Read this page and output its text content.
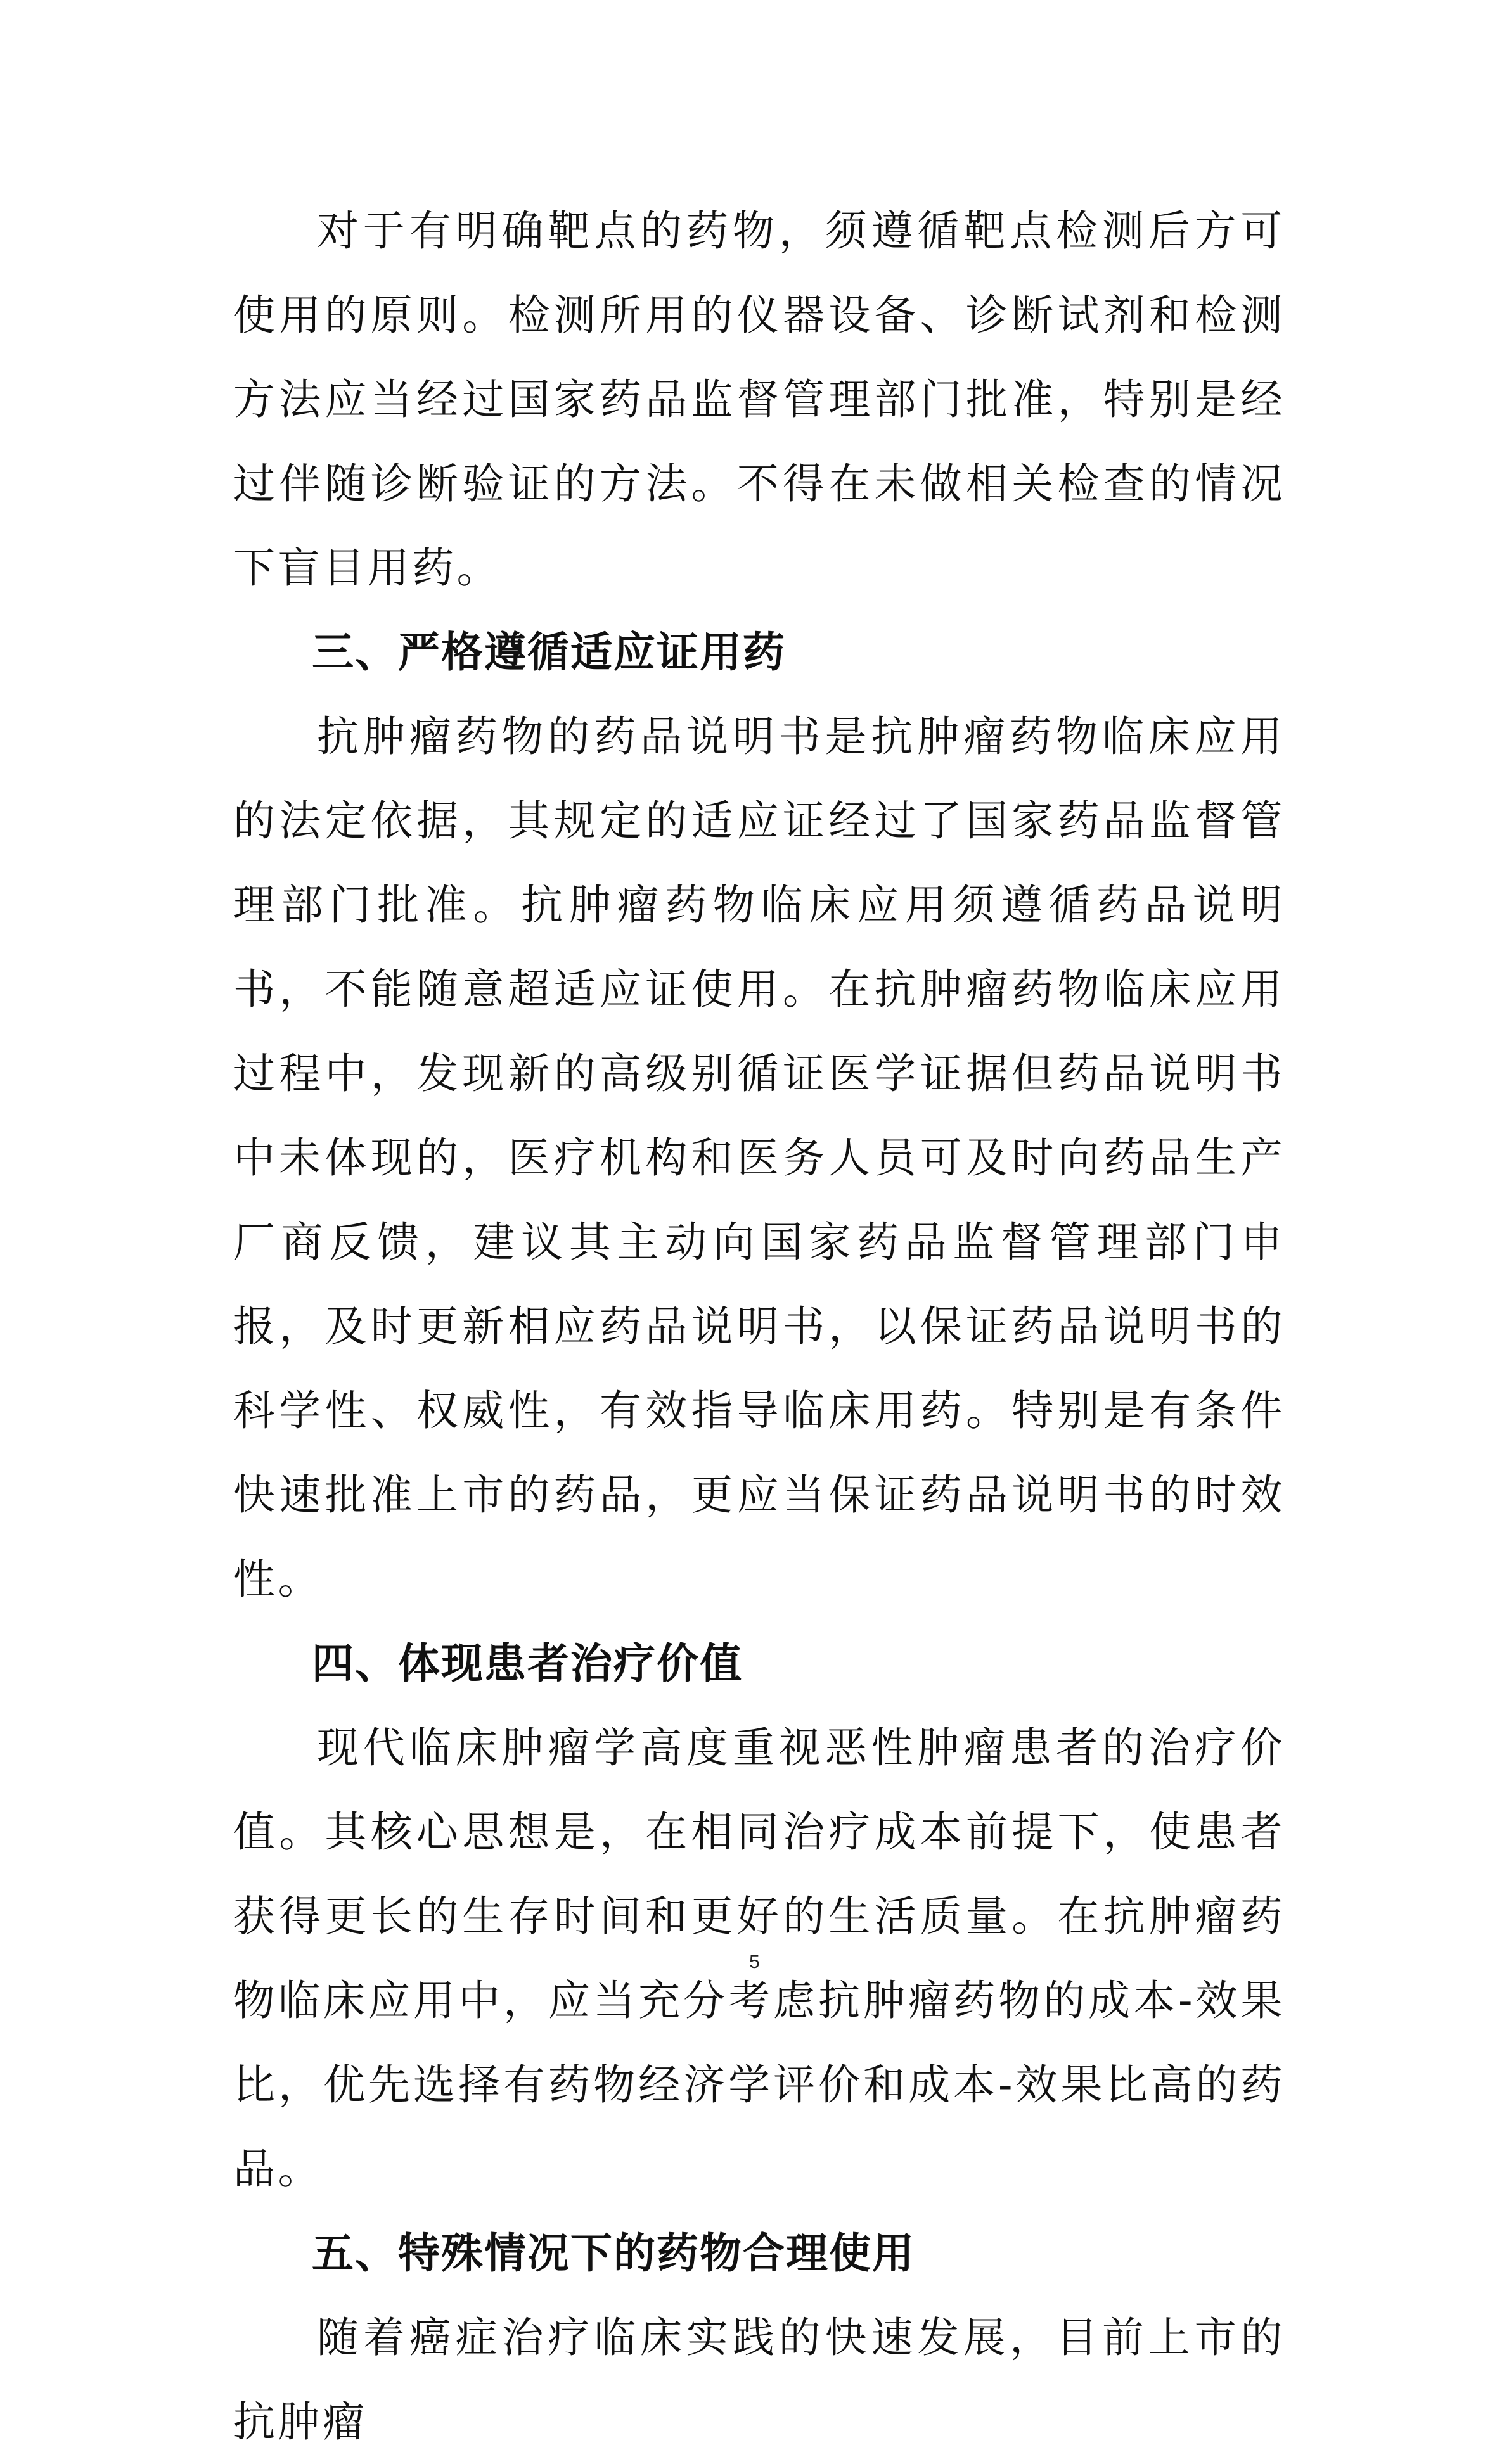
对于有明确靶点的药物，须遵循靶点检测后方可使用的原则。检测所用的仪器设备、诊断试剂和检测方法应当经过国家药品监督管理部门批准，特别是经过伴随诊断验证的方法。不得在未做相关检查的情况下盲目用药。

三、严格遵循适应证用药

抗肿瘤药物的药品说明书是抗肿瘤药物临床应用的法定依据，其规定的适应证经过了国家药品监督管理部门批准。抗肿瘤药物临床应用须遵循药品说明书，不能随意超适应证使用。在抗肿瘤药物临床应用过程中，发现新的高级别循证医学证据但药品说明书中未体现的，医疗机构和医务人员可及时向药品生产厂商反馈，建议其主动向国家药品监督管理部门申报，及时更新相应药品说明书，以保证药品说明书的科学性、权威性，有效指导临床用药。特别是有条件快速批准上市的药品，更应当保证药品说明书的时效性。

四、体现患者治疗价值

现代临床肿瘤学高度重视恶性肿瘤患者的治疗价值。其核心思想是，在相同治疗成本前提下，使患者获得更长的生存时间和更好的生活质量。在抗肿瘤药物临床应用中，应当充分考虑抗肿瘤药物的成本-效果比，优先选择有药物经济学评价和成本-效果比高的药品。

五、特殊情况下的药物合理使用

随着癌症治疗临床实践的快速发展，目前上市的抗肿瘤

5
